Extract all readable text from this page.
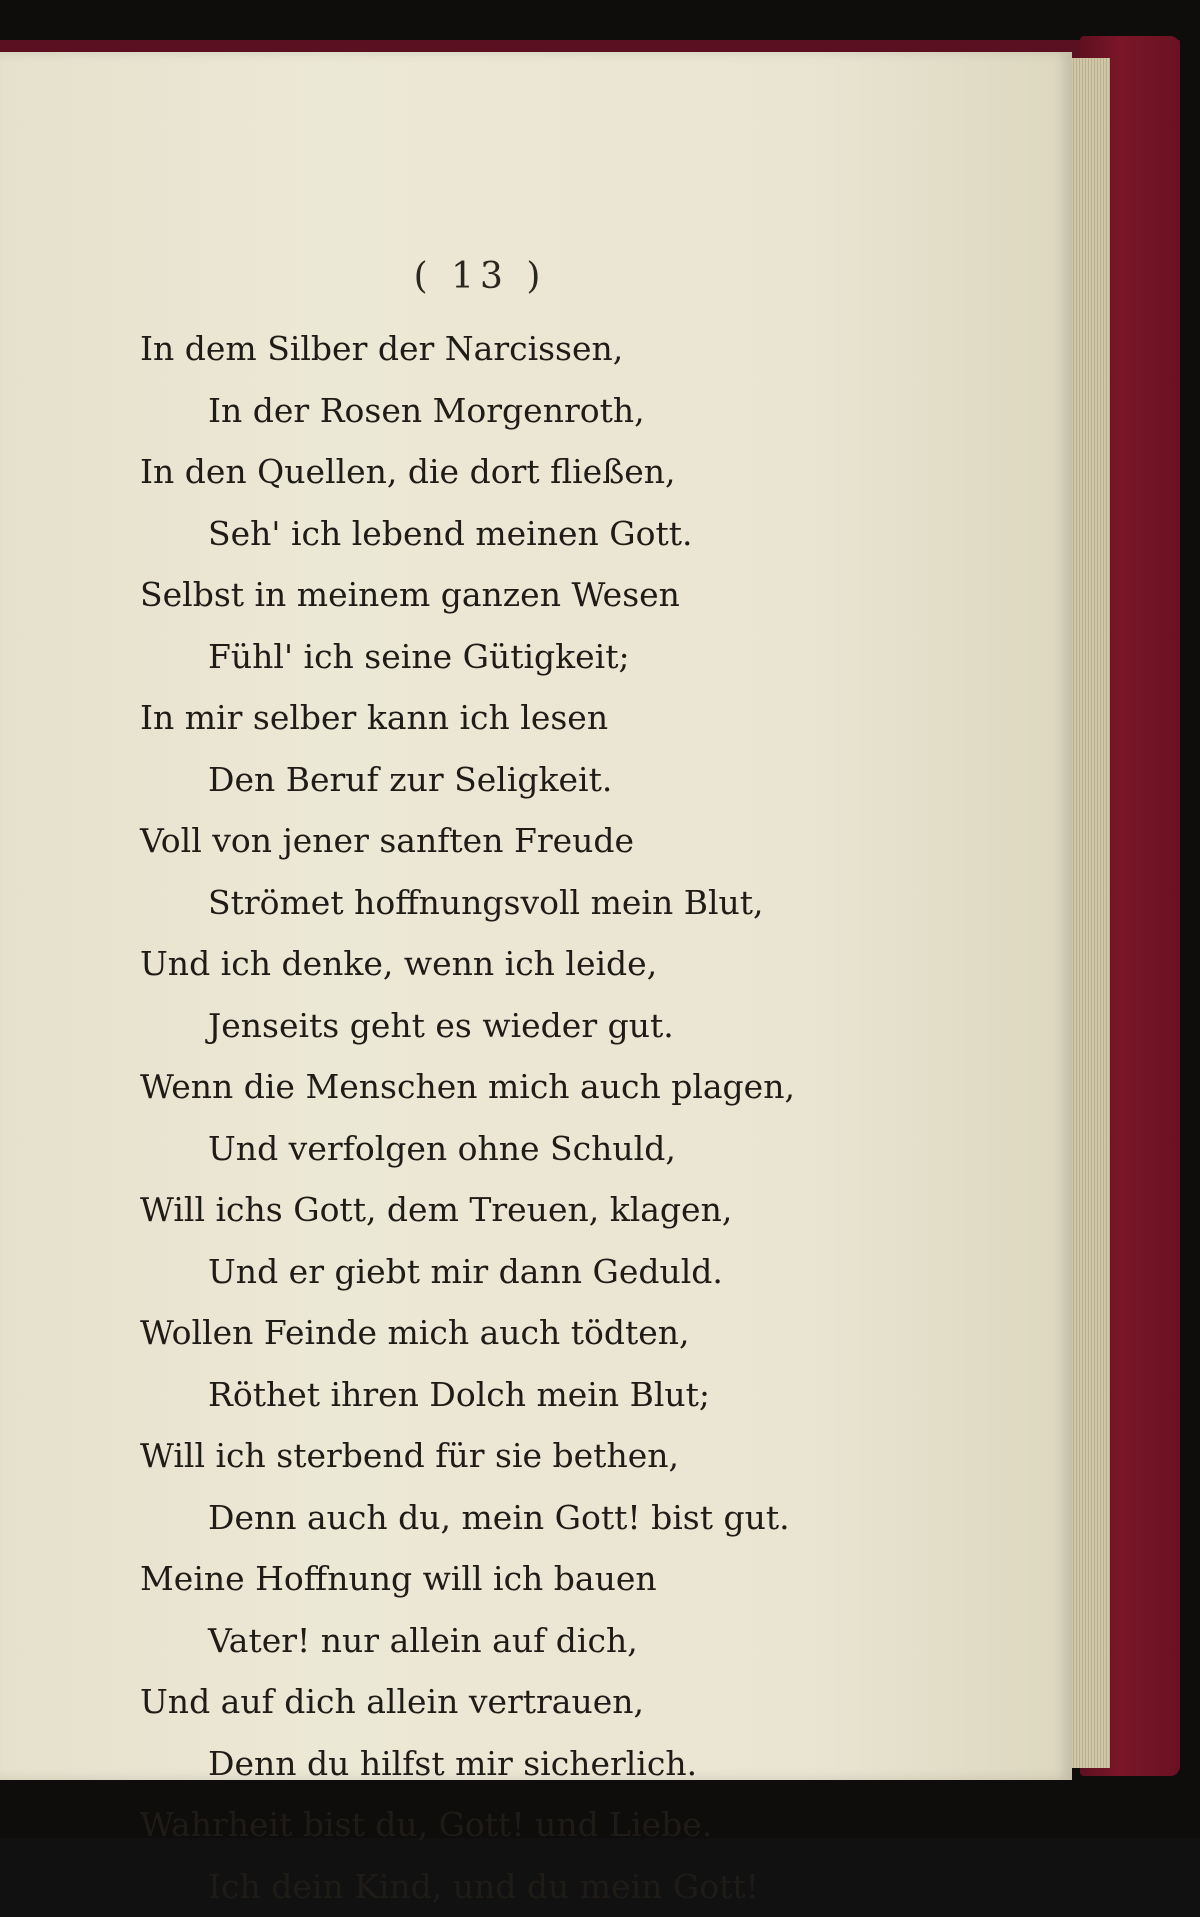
( 13 )
In dem Silber der Narcissen,
In der Rosen Morgenroth,
In den Quellen, die dort fließen,
Seh' ich lebend meinen Gott.
Selbst in meinem ganzen Wesen
Fühl' ich seine Gütigkeit;
In mir selber kann ich lesen
Den Beruf zur Seligkeit.
Voll von jener sanften Freude
Strömet hoffnungsvoll mein Blut,
Und ich denke, wenn ich leide,
Jenseits geht es wieder gut.
Wenn die Menschen mich auch plagen,
Und verfolgen ohne Schuld,
Will ichs Gott, dem Treuen, klagen,
Und er giebt mir dann Geduld.
Wollen Feinde mich auch tödten,
Röthet ihren Dolch mein Blut;
Will ich sterbend für sie bethen,
Denn auch du, mein Gott! bist gut.
Meine Hoffnung will ich bauen
Vater! nur allein auf dich,
Und auf dich allein vertrauen,
Denn du hilfst mir sicherlich.
Wahrheit bist du, Gott! und Liebe.
Ich dein Kind, und du mein Gott!
